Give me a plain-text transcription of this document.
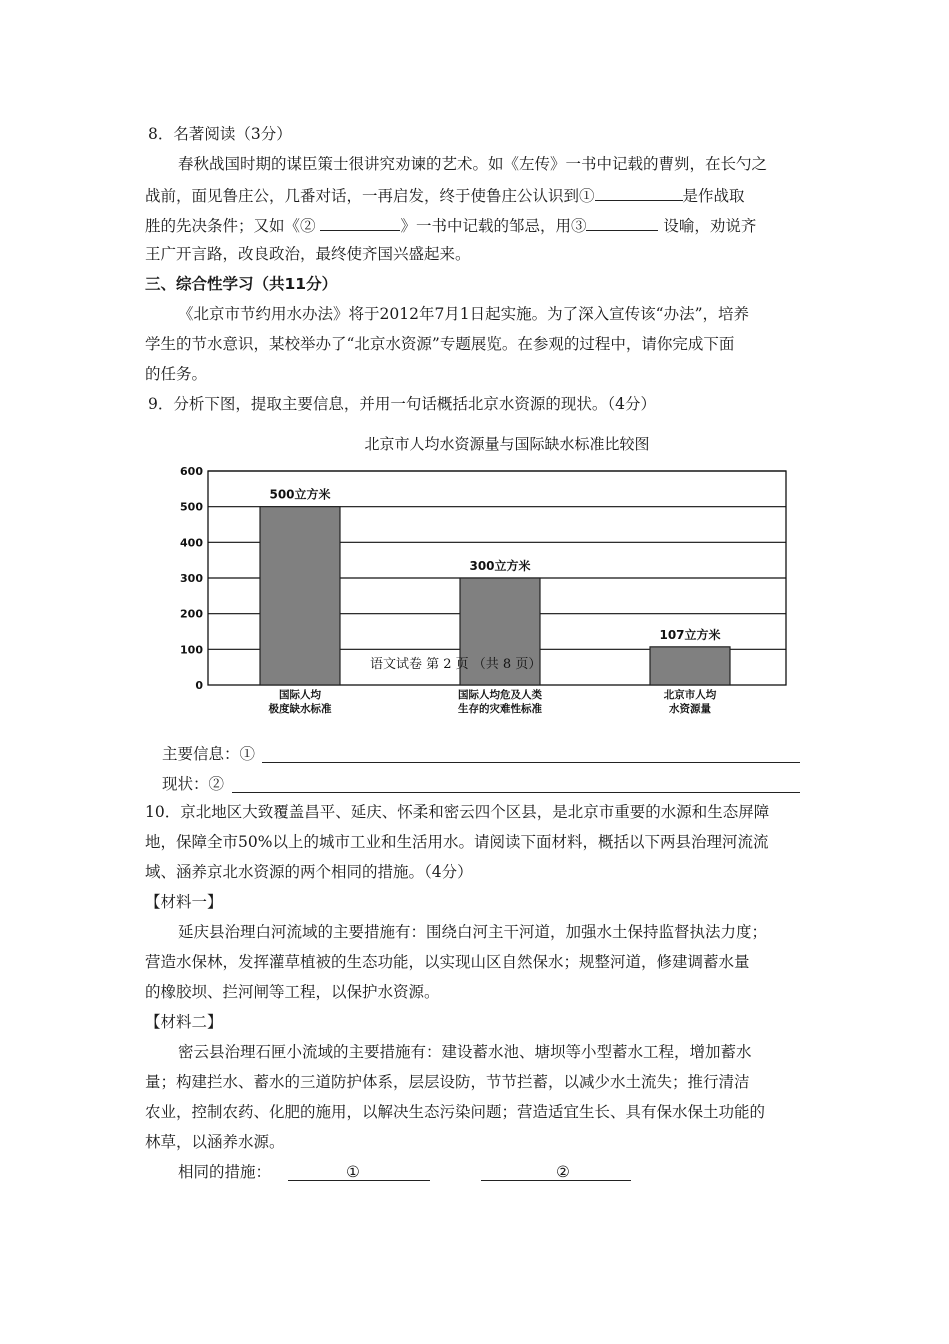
8．名著阅读（3分）
春秋战国时期的谋臣策士很讲究劝谏的艺术。如《左传》一书中记载的曹刿，在长勺之
战前，面见鲁庄公，几番对话，一再启发，终于使鲁庄公认识到①	是作战取
胜的先决条件；又如《②	》一书中记载的邹忌，用③	设喻，劝说齐
王广开言路，改良政治，最终使齐国兴盛起来。
三、综合性学习（共11分）
《北京市节约用水办法》将于2012年7月1日起实施。为了深入宣传该“办法”，培养
学生的节水意识，某校举办了“北京水资源”专题展览。在参观的过程中，请你完成下面
的任务。
9．分析下图，提取主要信息，并用一句话概括北京水资源的现状。（4分）
北京市人均水资源量与国际缺水标准比较图
0
100
200
300
400
500
600
500立方米
国际人均
极度缺水标准
300立方米
国际人均危及人类
生存的灾难性标准
107立方米
北京市人均
水资源量
语文试卷 第 2 页 （共 8 页）
主要信息：①
现状：②
10．京北地区大致覆盖昌平、延庆、怀柔和密云四个区县，是北京市重要的水源和生态屏障
地，保障全市50%以上的城市工业和生活用水。请阅读下面材料，概括以下两县治理河流流
域、涵养京北水资源的两个相同的措施。（4分）
【材料一】
延庆县治理白河流域的主要措施有：围绕白河主干河道，加强水土保持监督执法力度；
营造水保林，发挥灌草植被的生态功能，以实现山区自然保水；规整河道，修建调蓄水量
的橡胶坝、拦河闸等工程，以保护水资源。
【材料二】
密云县治理石匣小流域的主要措施有：建设蓄水池、塘坝等小型蓄水工程，增加蓄水
量；构建拦水、蓄水的三道防护体系，层层设防，节节拦蓄，以减少水土流失；推行清洁
农业，控制农药、化肥的施用，以解决生态污染问题；营造适宜生长、具有保水保土功能的
林草，以涵养水源。
相同的措施：	①	②
